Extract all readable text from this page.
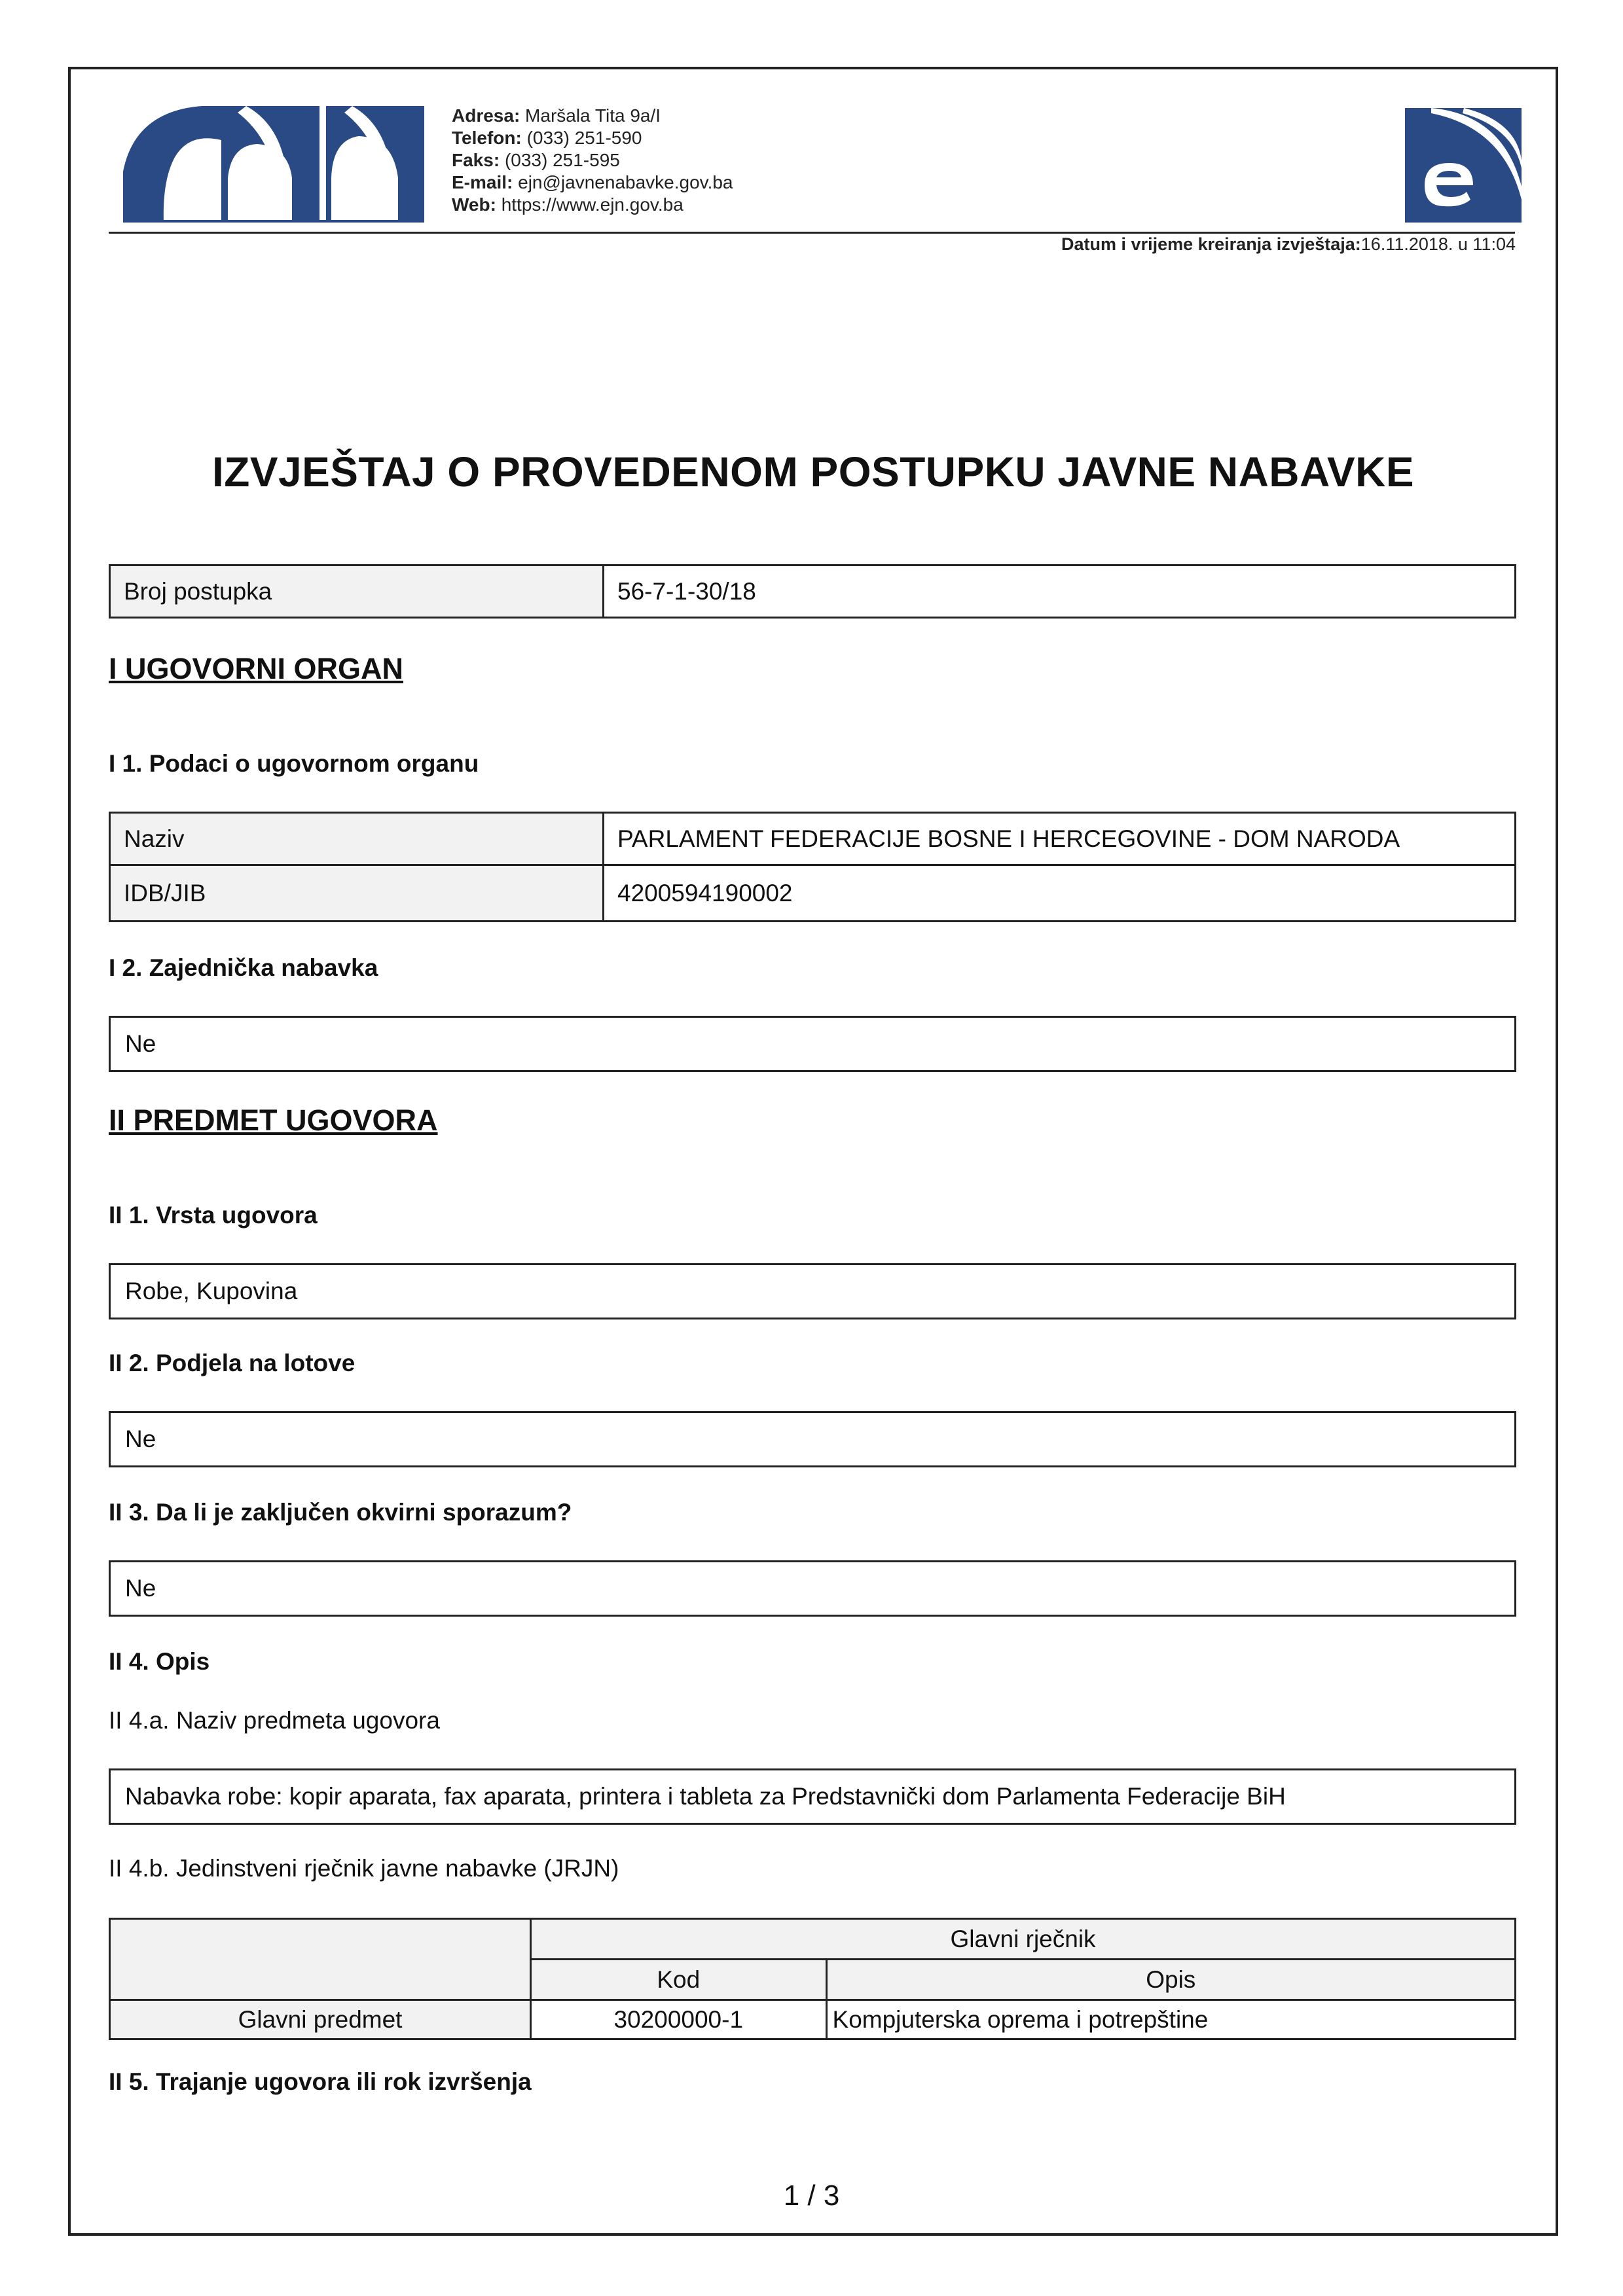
Adresa: Maršala Tita 9a/I
Telefon: (033) 251-590
Faks: (033) 251-595
E-mail: ejn@javnenabavke.gov.ba
Web: https://www.ejn.gov.ba
Datum i vrijeme kreiranja izvještaja:16.11.2018. u 11:04
IZVJEŠTAJ O PROVEDENOM POSTUPKU JAVNE NABAVKE
Broj postupka	56-7-1-30/18
I UGOVORNI ORGAN
I 1. Podaci o ugovornom organu
Naziv	PARLAMENT FEDERACIJE BOSNE I HERCEGOVINE - DOM NARODA
IDB/JIB	4200594190002
I 2. Zajednička nabavka
Ne
II PREDMET UGOVORA
II 1. Vrsta ugovora
Robe, Kupovina
II 2. Podjela na lotove
Ne
II 3. Da li je zaključen okvirni sporazum?
Ne
II 4. Opis
II 4.a. Naziv predmeta ugovora
Nabavka robe: kopir aparata, fax aparata, printera i tableta za Predstavnički dom Parlamenta Federacije BiH
II 4.b. Jedinstveni rječnik javne nabavke (JRJN)
	Glavni rječnik	
	Kod	Opis
Glavni predmet	30200000-1	Kompjuterska oprema i potrepštine
II 5. Trajanje ugovora ili rok izvršenja
1 / 3
